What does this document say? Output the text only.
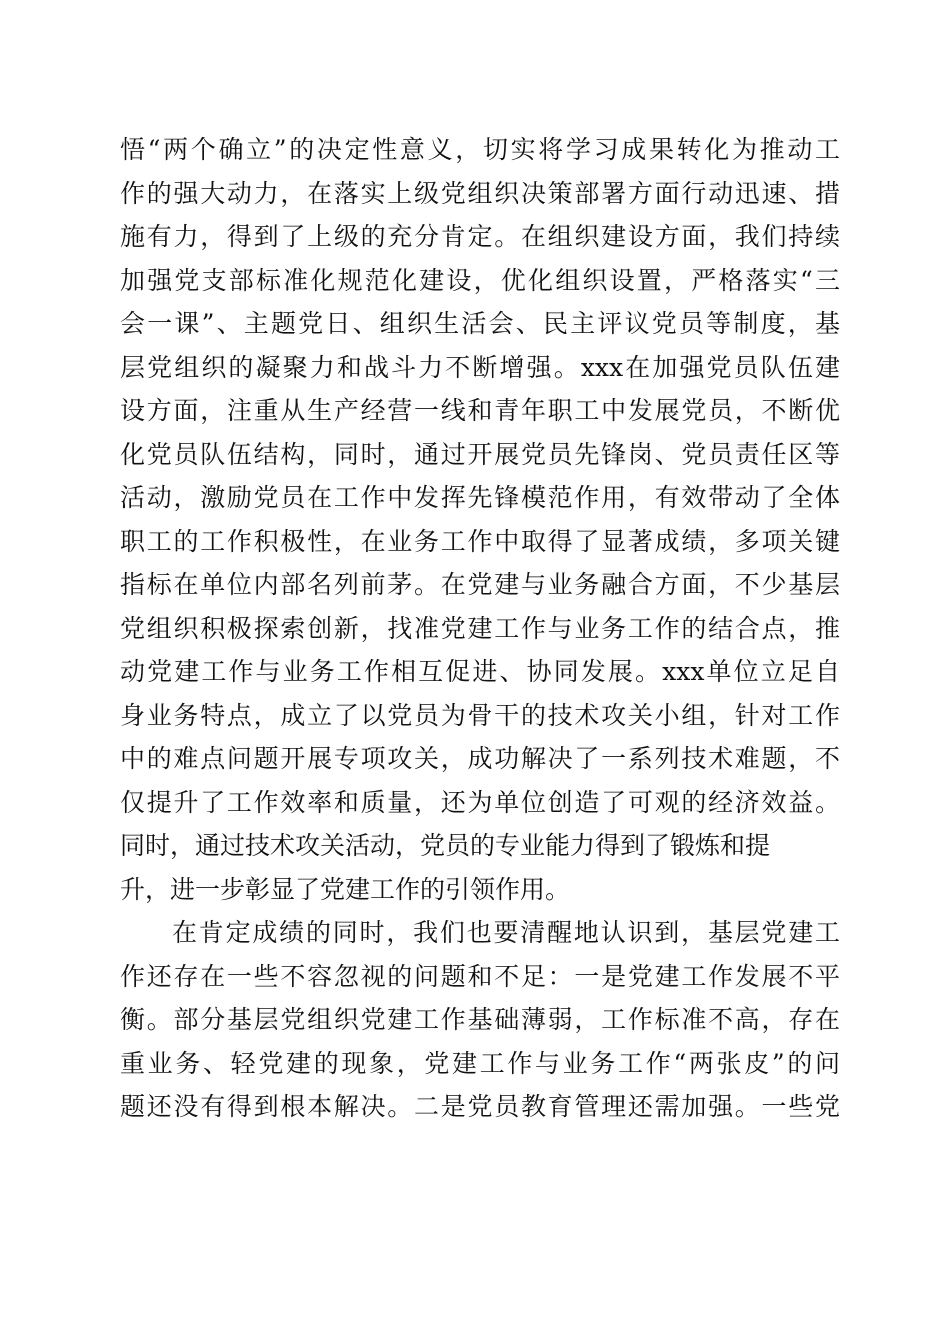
悟“两个确立”的决定性意义，切实将学习成果转化为推动工
作的强大动力，在落实上级党组织决策部署方面行动迅速、措
施有力，得到了上级的充分肯定。在组织建设方面，我们持续
加强党支部标准化规范化建设，优化组织设置，严格落实“三
会一课”、主题党日、组织生活会、民主评议党员等制度，基
层党组织的凝聚力和战斗力不断增强。xxx在加强党员队伍建
设方面，注重从生产经营一线和青年职工中发展党员，不断优
化党员队伍结构，同时，通过开展党员先锋岗、党员责任区等
活动，激励党员在工作中发挥先锋模范作用，有效带动了全体
职工的工作积极性，在业务工作中取得了显著成绩，多项关键
指标在单位内部名列前茅。在党建与业务融合方面，不少基层
党组织积极探索创新，找准党建工作与业务工作的结合点，推
动党建工作与业务工作相互促进、协同发展。xxx单位立足自
身业务特点，成立了以党员为骨干的技术攻关小组，针对工作
中的难点问题开展专项攻关，成功解决了一系列技术难题，不
仅提升了工作效率和质量，还为单位创造了可观的经济效益。
同时，通过技术攻关活动，党员的专业能力得到了锻炼和提
升，进一步彰显了党建工作的引领作用。
在肯定成绩的同时，我们也要清醒地认识到，基层党建工
作还存在一些不容忽视的问题和不足：一是党建工作发展不平
衡。部分基层党组织党建工作基础薄弱，工作标准不高，存在
重业务、轻党建的现象，党建工作与业务工作“两张皮”的问
题还没有得到根本解决。二是党员教育管理还需加强。一些党
